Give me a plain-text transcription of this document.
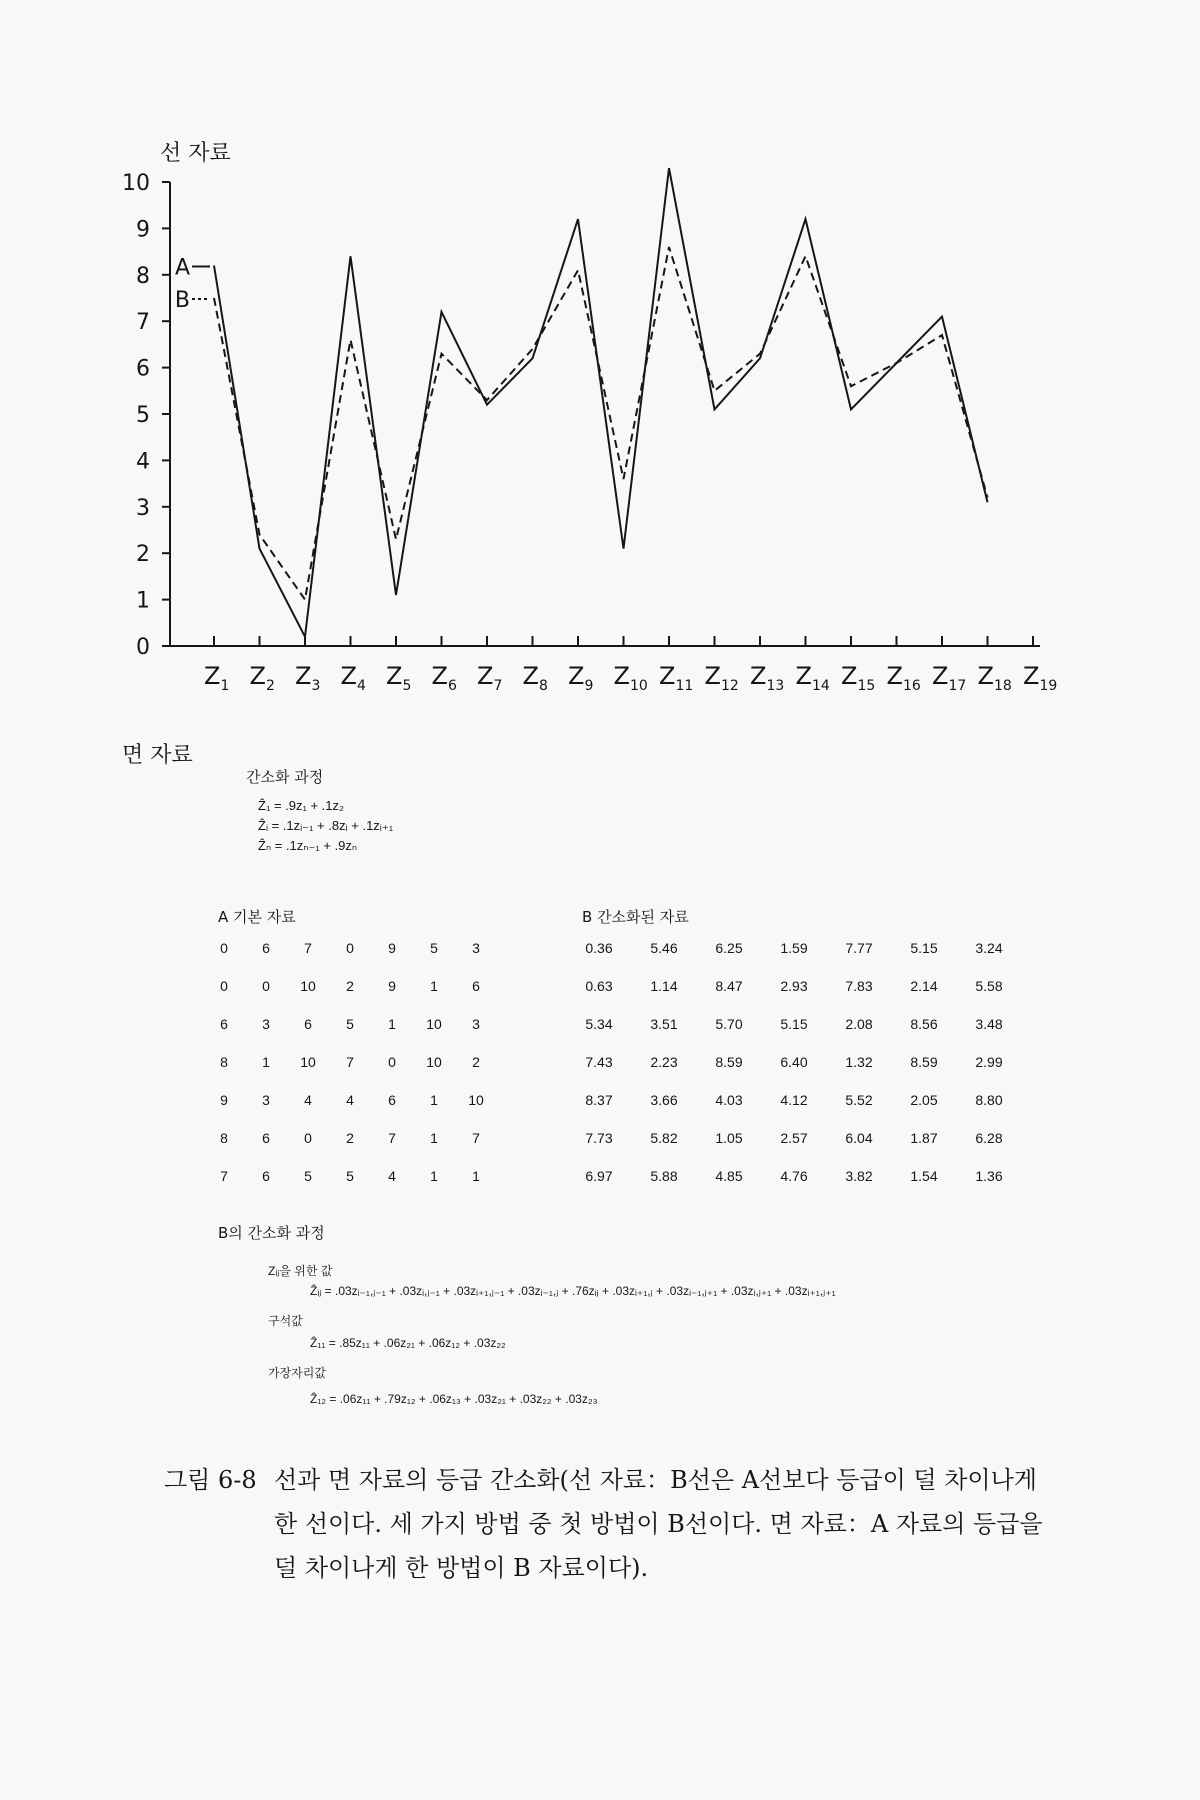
선 자료
0
1
2
3
4
5
6
7
8
9
10
$Z_1$ $Z_2$ $Z_3$ $Z_4$ $Z_5$ $Z_6$ $Z_7$ $Z_8$ $Z_9$ $Z_{10}$ $Z_{11}$ $Z_{12}$ $Z_{13}$ $Z_{14}$ $Z_{15}$ $Z_{16}$ $Z_{17}$ $Z_{18}$ $Z_{19}$
A
B
면 자료
간소화 과정
Ẑ₁ = .9z₁ + .1z₂
Ẑᵢ = .1zᵢ₋₁ + .8zᵢ + .1zᵢ₊₁
Ẑₙ = .1zₙ₋₁ + .9zₙ
A 기본 자료	B 간소화된 자료
0	6	7	0	9	5	3
0	0	10	2	9	1	6
6	3	6	5	1	10	3
8	1	10	7	0	10	2
9	3	4	4	6	1	10
8	6	0	2	7	1	7
7	6	5	5	4	1	1
0.36	5.46	6.25	1.59	7.77	5.15	3.24
0.63	1.14	8.47	2.93	7.83	2.14	5.58
5.34	3.51	5.70	5.15	2.08	8.56	3.48
7.43	2.23	8.59	6.40	1.32	8.59	2.99
8.37	3.66	4.03	4.12	5.52	2.05	8.80
7.73	5.82	1.05	2.57	6.04	1.87	6.28
6.97	5.88	4.85	4.76	3.82	1.54	1.36
B의 간소화 과정
Zᵢⱼ을 위한 값
Ẑᵢⱼ = .03zᵢ₋₁,ⱼ₋₁ + .03zᵢ,ⱼ₋₁ + .03zᵢ₊₁,ⱼ₋₁ + .03zᵢ₋₁,ⱼ + .76zᵢⱼ + .03zᵢ₊₁,ⱼ + .03zᵢ₋₁,ⱼ₊₁ + .03zᵢ,ⱼ₊₁ + .03zᵢ₊₁,ⱼ₊₁
구석값
Ẑ₁₁ = .85z₁₁ + .06z₂₁ + .06z₁₂ + .03z₂₂
가장자리값
Ẑ₁₂ = .06z₁₁ + .79z₁₂ + .06z₁₃ + .03z₂₁ + .03z₂₂ + .03z₂₃
그림 6-8 선과 면 자료의 등급 간소화(선 자료：B선은 A선보다 등급이 덜 차이나게 한 선이다. 세 가지 방법 중 첫 방법이 B선이다. 면 자료：A 자료의 등급을 덜 차이나게 한 방법이 B 자료이다).
